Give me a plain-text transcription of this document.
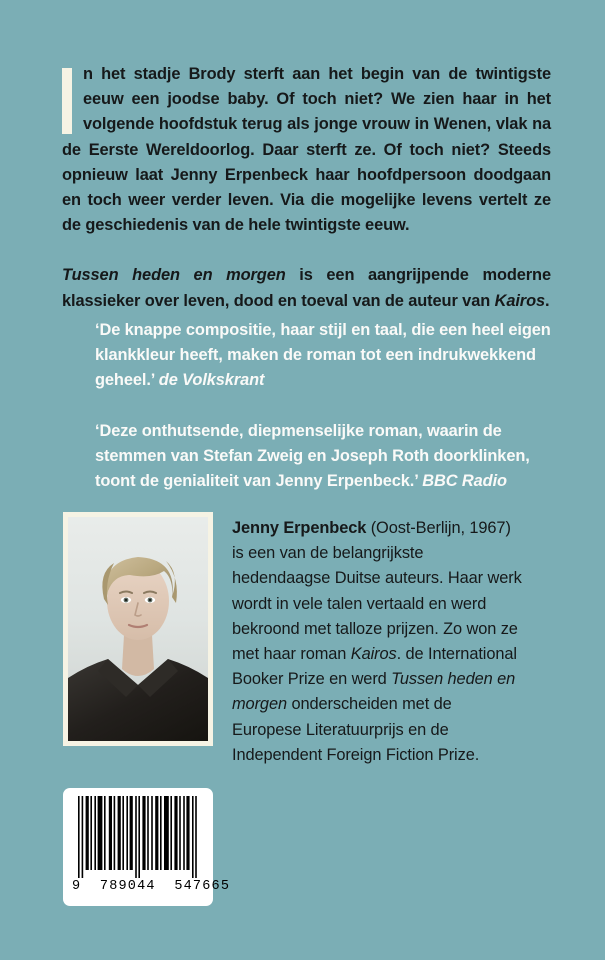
n het stadje Brody sterft aan het begin van de twintigste eeuw een joodse baby. Of toch niet? We zien haar in het volgende hoofdstuk terug als jonge vrouw in Wenen, vlak na de Eerste Wereldoorlog. Daar sterft ze. Of toch niet? Steeds opnieuw laat Jenny Erpenbeck haar hoofdpersoon doodgaan en toch weer verder leven. Via die mogelijke levens vertelt ze de geschiedenis van de hele twintigste eeuw.

Tussen heden en morgen is een aangrijpende moderne klassieker over leven, dood en toeval van de auteur van Kairos.

‘De knappe compositie, haar stijl en taal, die een heel eigen klankkleur heeft, maken de roman tot een indrukwekkend geheel.’ de Volkskrant

‘Deze onthutsende, diepmenselijke roman, waarin de stemmen van Stefan Zweig en Joseph Roth doorklinken, toont de genialiteit van Jenny Erpenbeck.’ BBC Radio

Jenny Erpenbeck (Oost-Berlijn, 1967) is een van de belangrijkste hedendaagse Duitse auteurs. Haar werk wordt in vele talen vertaald en werd bekroond met talloze prijzen. Zo won ze met haar roman Kairos. de International Booker Prize en werd Tussen heden en morgen onderscheiden met de Europese Literatuurprijs en de Independent Foreign Fiction Prize.

9  789044  547665
